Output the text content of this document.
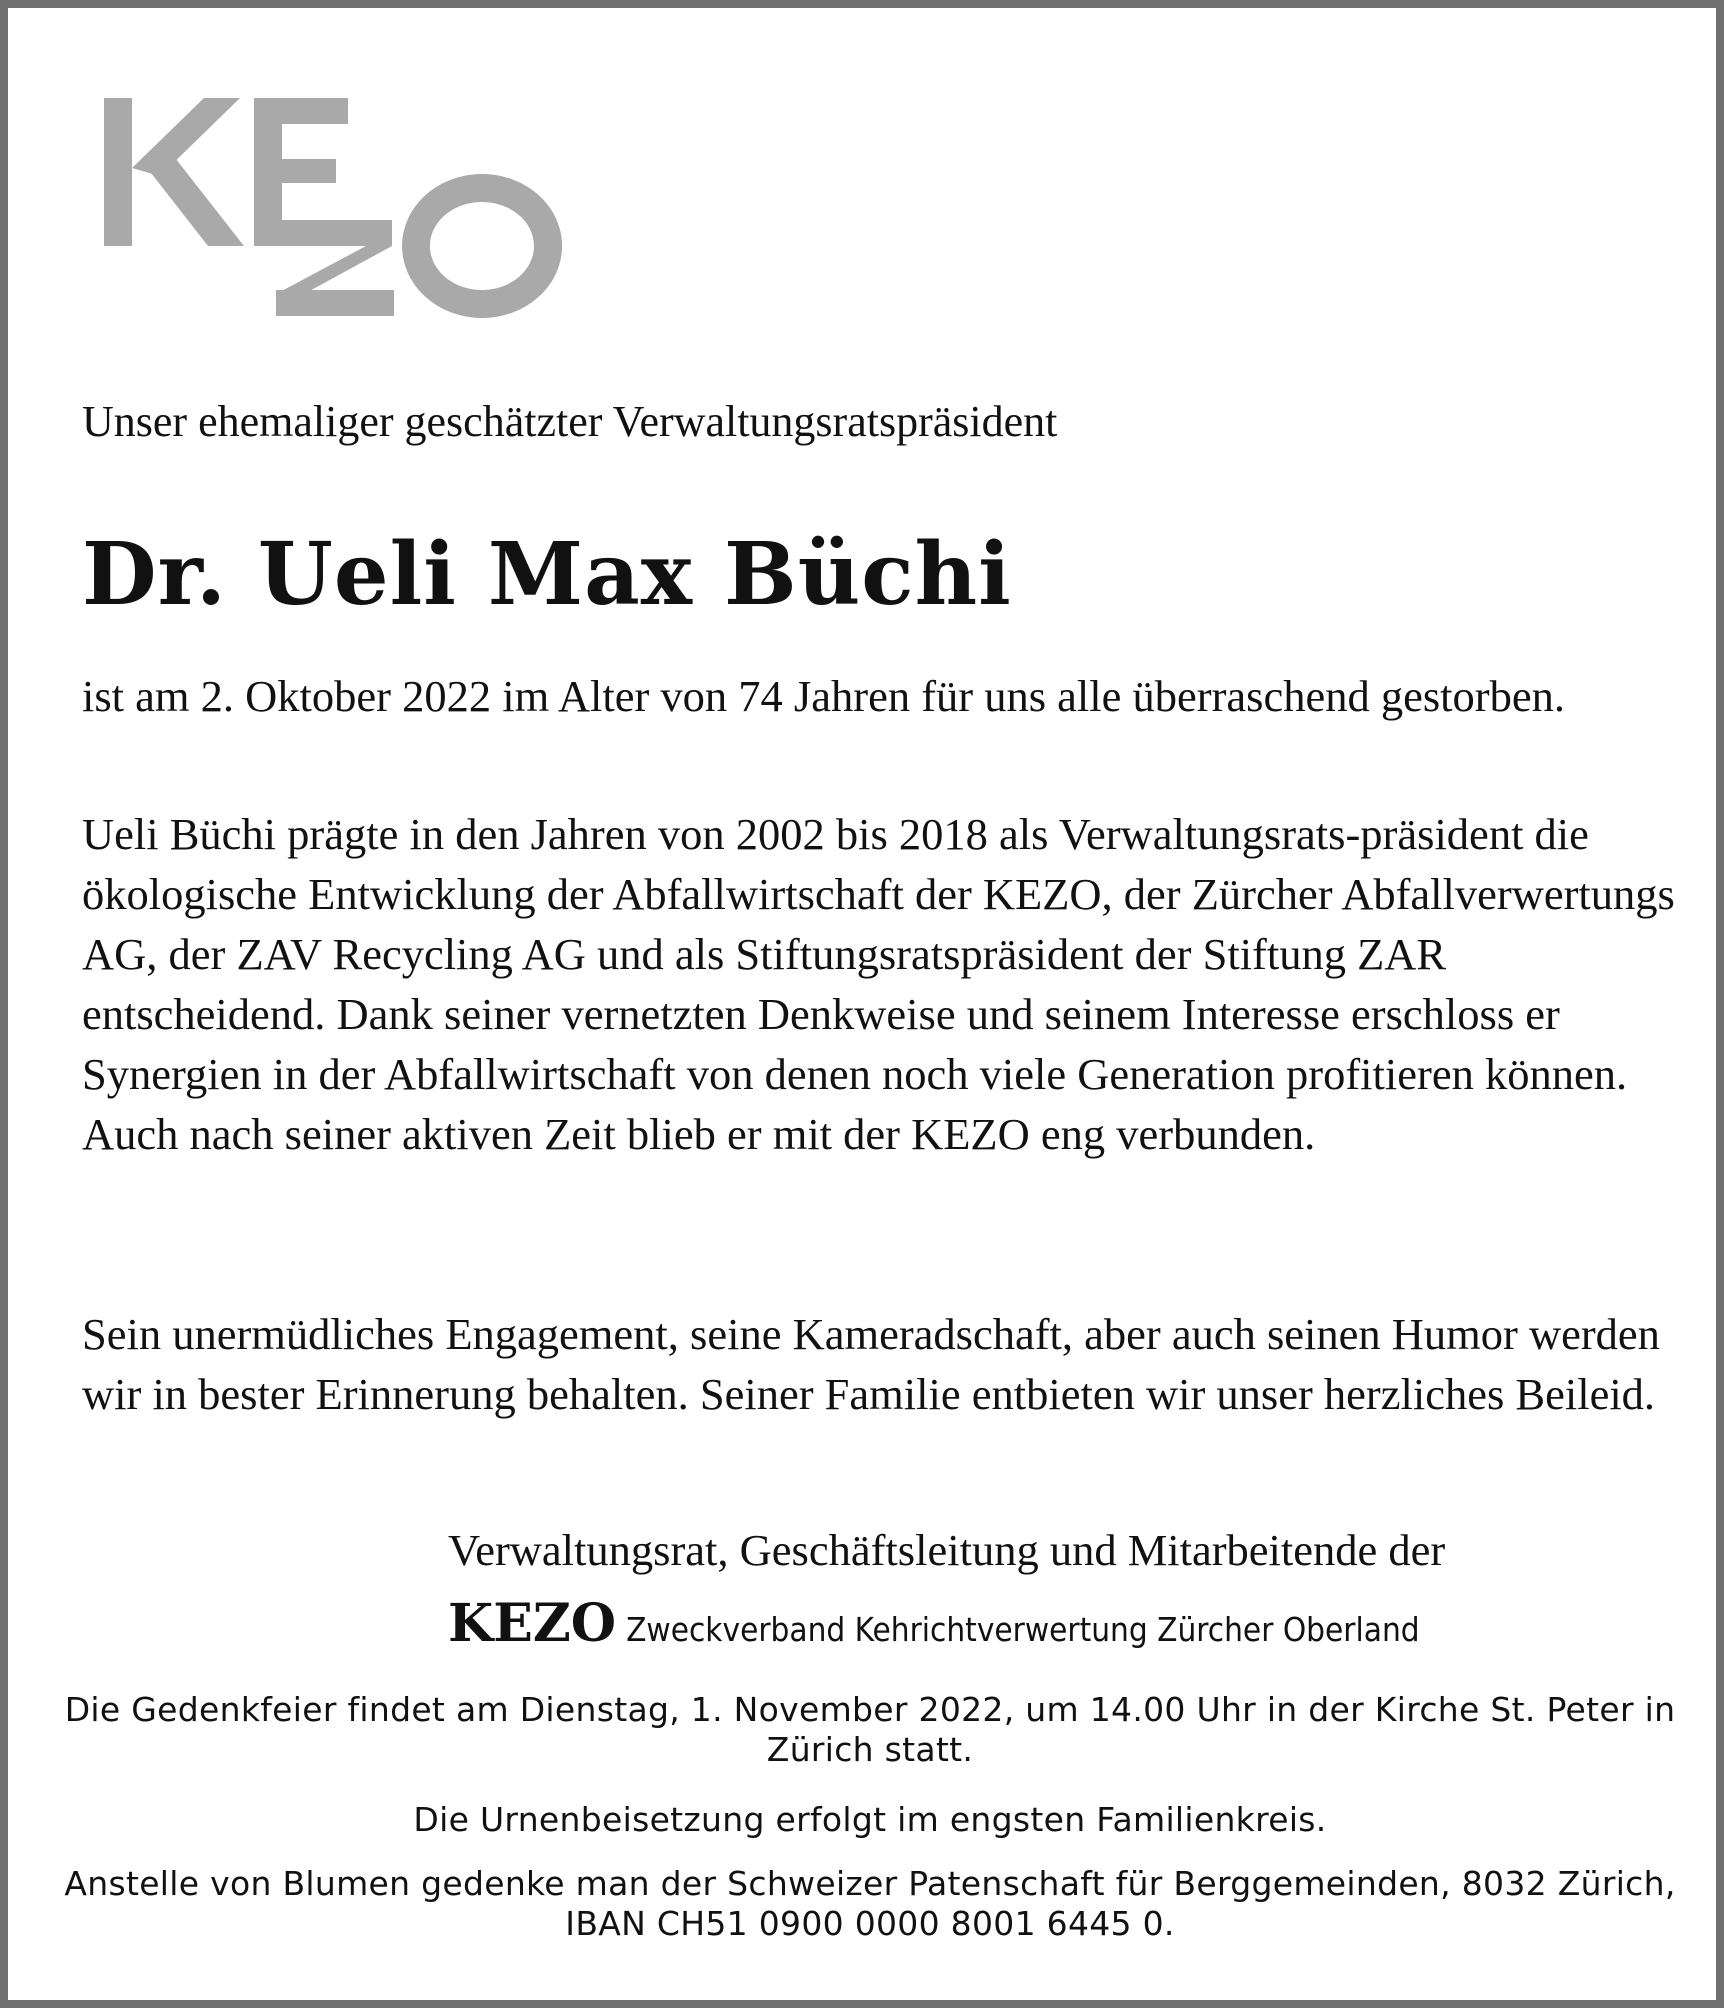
Unser ehemaliger geschätzter Verwaltungsratspräsident

Dr. Ueli Max Büchi

ist am 2. Oktober 2022 im Alter von 74 Jahren für uns alle überraschend gestorben.

Ueli Büchi prägte in den Jahren von 2002 bis 2018 als Verwaltungsrats-präsident die ökologische Entwicklung der Abfallwirtschaft der KEZO, der Zürcher Abfallverwertungs AG, der ZAV Recycling AG und als Stiftungsratspräsident der Stiftung ZAR entscheidend. Dank seiner vernetzten Denkweise und seinem Interesse erschloss er Synergien in der Abfallwirtschaft von denen noch viele Generation profitieren können. Auch nach seiner aktiven Zeit blieb er mit der KEZO eng verbunden.

Sein unermüdliches Engagement, seine Kameradschaft, aber auch seinen Humor werden wir in bester Erinnerung behalten. Seiner Familie entbieten wir unser herzliches Beileid.

Verwaltungsrat, Geschäftsleitung und Mitarbeitende der

KEZO Zweckverband Kehrichtverwertung Zürcher Oberland

Die Gedenkfeier findet am Dienstag, 1. November 2022, um 14.00 Uhr in der Kirche St. Peter in Zürich statt.

Die Urnenbeisetzung erfolgt im engsten Familienkreis.

Anstelle von Blumen gedenke man der Schweizer Patenschaft für Berggemeinden, 8032 Zürich, IBAN CH51 0900 0000 8001 6445 0.
